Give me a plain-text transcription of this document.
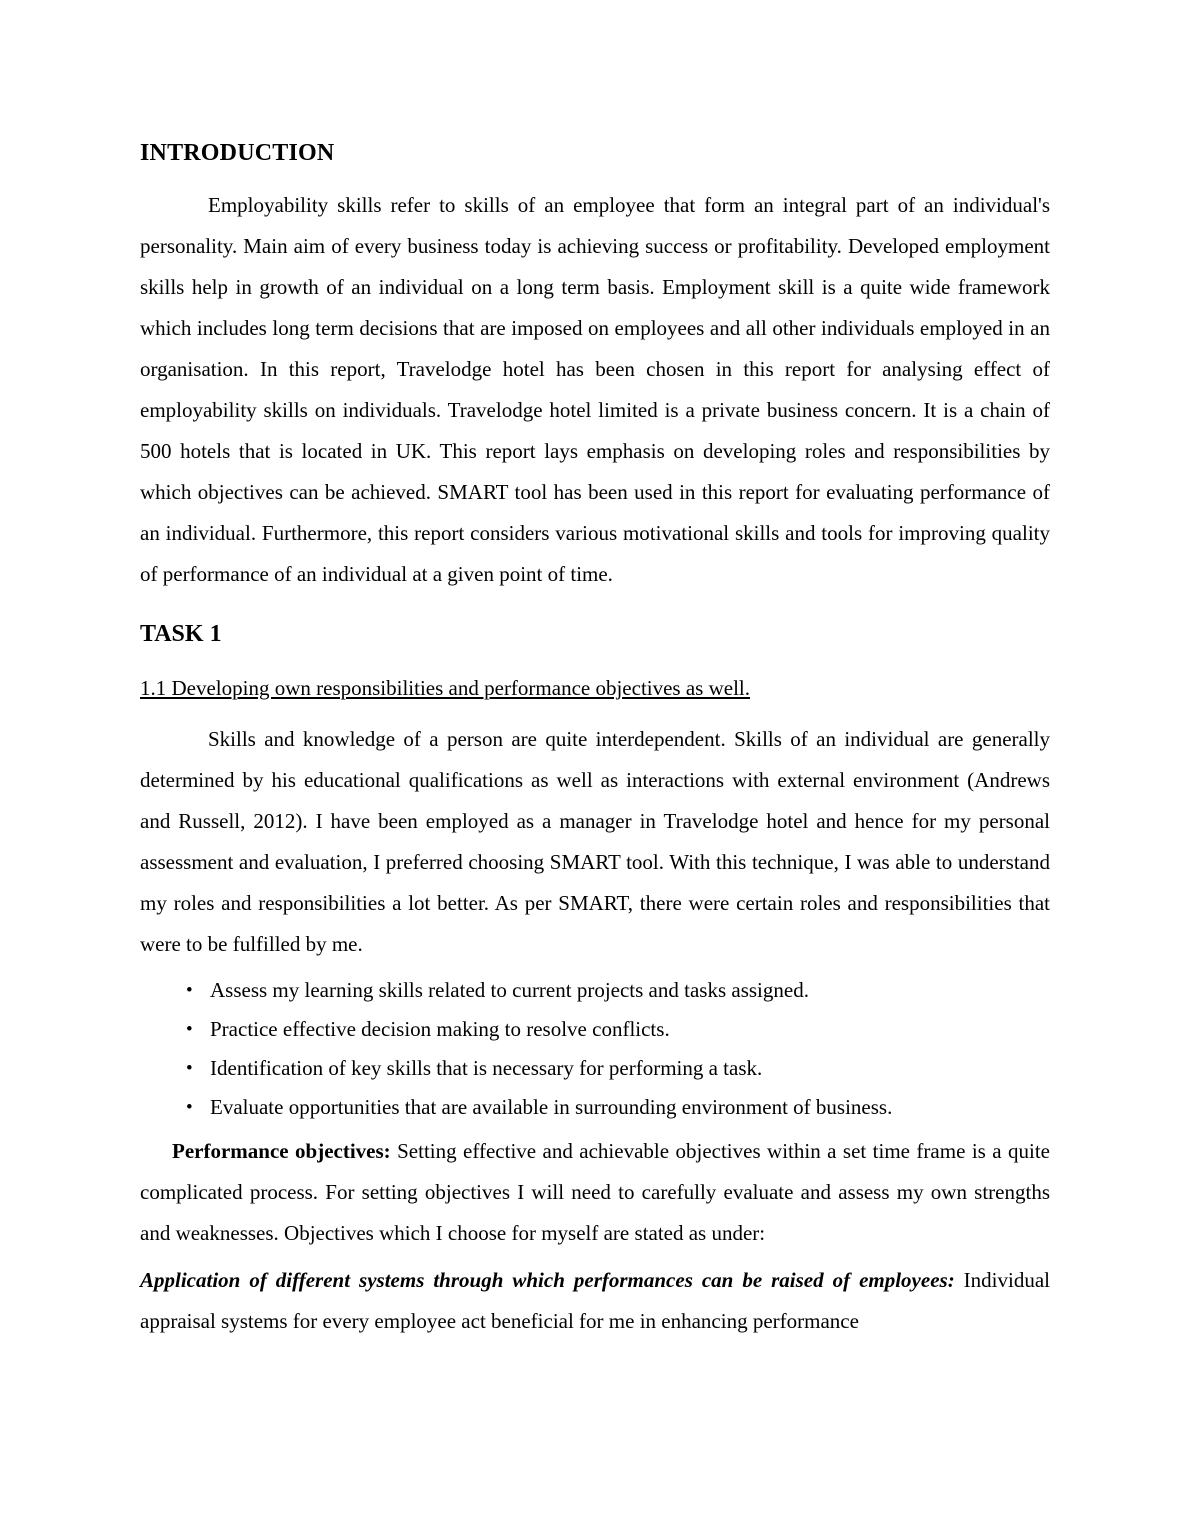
INTRODUCTION

Employability skills refer to skills of an employee that form an integral part of an individual's personality. Main aim of every business today is achieving success or profitability. Developed employment skills help in growth of an individual on a long term basis. Employment skill is a quite wide framework which includes long term decisions that are imposed on employees and all other individuals employed in an organisation. In this report, Travelodge hotel has been chosen in this report for analysing effect of employability skills on individuals. Travelodge hotel limited is a private business concern. It is a chain of 500 hotels that is located in UK. This report lays emphasis on developing roles and responsibilities by which objectives can be achieved. SMART tool has been used in this report for evaluating performance of an individual. Furthermore, this report considers various motivational skills and tools for improving quality of performance of an individual at a given point of time.

TASK 1
1.1 Developing own responsibilities and performance objectives as well.

Skills and knowledge of a person are quite interdependent. Skills of an individual are generally determined by his educational qualifications as well as interactions with external environment (Andrews and Russell, 2012). I have been employed as a manager in Travelodge hotel and hence for my personal assessment and evaluation, I preferred choosing SMART tool. With this technique, I was able to understand my roles and responsibilities a lot better. As per SMART, there were certain roles and responsibilities that were to be fulfilled by me.

• Assess my learning skills related to current projects and tasks assigned.
• Practice effective decision making to resolve conflicts.
• Identification of key skills that is necessary for performing a task.
• Evaluate opportunities that are available in surrounding environment of business.

Performance objectives: Setting effective and achievable objectives within a set time frame is a quite complicated process. For setting objectives I will need to carefully evaluate and assess my own strengths and weaknesses. Objectives which I choose for myself are stated as under:

Application of different systems through which performances can be raised of employees: Individual appraisal systems for every employee act beneficial for me in enhancing performance
